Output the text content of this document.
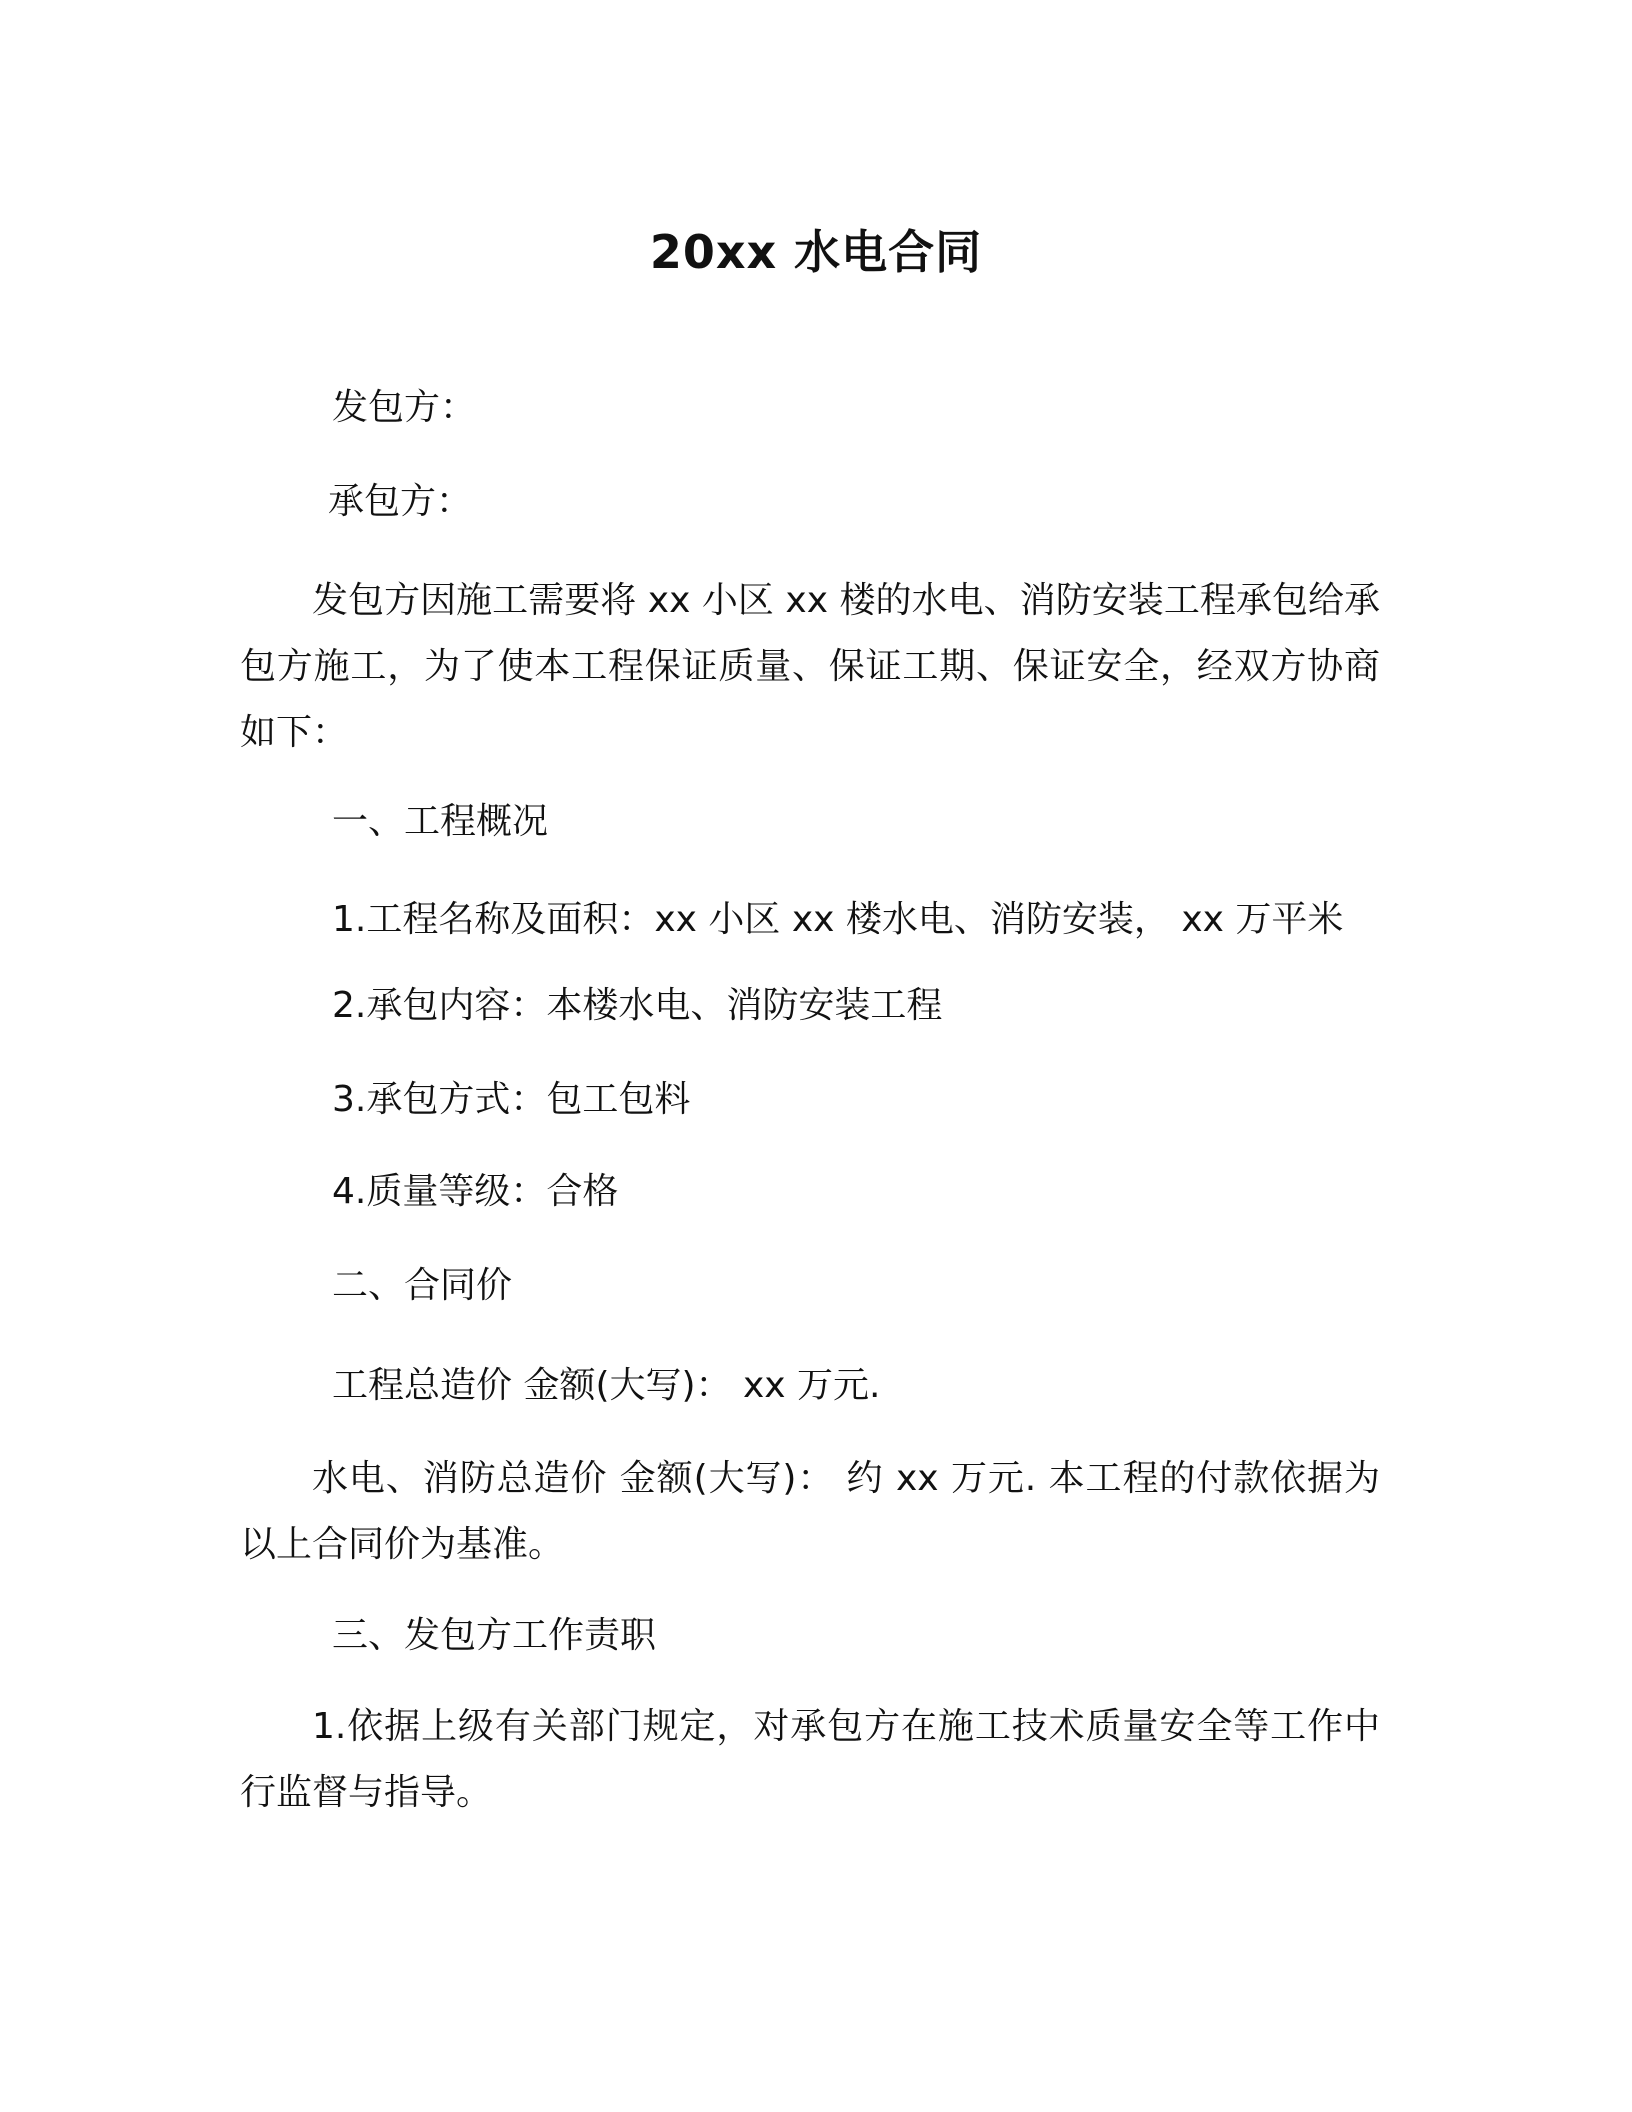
20xx 水电合同
发包方：
承包方：
发包方因施工需要将 xx 小区 xx 楼的水电、消防安装工程承包给承包方施工，为了使本工程保证质量、保证工期、保证安全，经双方协商如下：
一、工程概况
1.工程名称及面积：xx 小区 xx 楼水电、消防安装， xx 万平米
2.承包内容：本楼水电、消防安装工程
3.承包方式：包工包料
4.质量等级：合格
二、合同价
工程总造价 金额(大写)： xx 万元.
水电、消防总造价 金额(大写)： 约 xx 万元. 本工程的付款依据为以上合同价为基准。
三、发包方工作责职
1.依据上级有关部门规定，对承包方在施工技术质量安全等工作中 行监督与指导。
